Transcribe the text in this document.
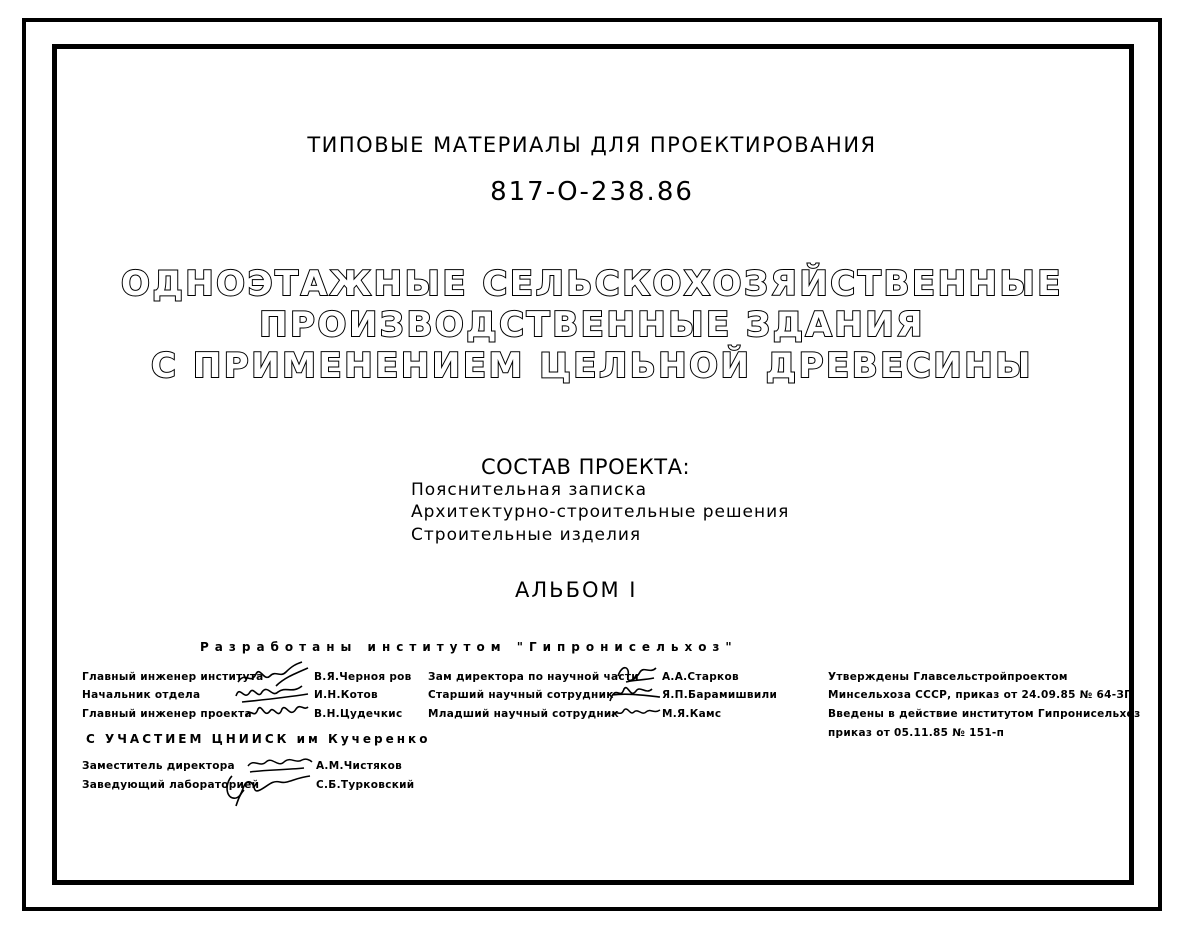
ТИПОВЫЕ МАТЕРИАЛЫ ДЛЯ ПРОЕКТИРОВАНИЯ
817-О-238.86
ОДНОЭТАЖНЫЕ СЕЛЬСКОХОЗЯЙСТВЕННЫЕ
ПРОИЗВОДСТВЕННЫЕ ЗДАНИЯ
С ПРИМЕНЕНИЕМ ЦЕЛЬНОЙ ДРЕВЕСИНЫ
СОСТАВ ПРОЕКТА:
Пояснительная записка
Архитектурно-строительные решения
Строительные изделия
АЛЬБОМ I
Разработаны институтом "Гипронисельхоз"
Главный инженер института	В.Я.Черноя ров
Начальник отдела	И.Н.Котов
Главный инженер проекта	В.Н.Цудечкис
Зам директора по научной части А.А.Старков
Старший научный сотрудник	Я.П.Барамишвили
Младший научный сотрудник	М.Я.Камс
С УЧАСТИЕМ ЦНИИСК им Кучеренко
Заместитель директора	А.М.Чистяков
Заведующий лабораторией	С.Б.Турковский
Утверждены Главсельстройпроектом
Минсельхоза СССР, приказ от 24.09.85 № 64-ЗГ
Введены в действие институтом Гипронисельхоз
приказ от 05.11.85 № 151-п
